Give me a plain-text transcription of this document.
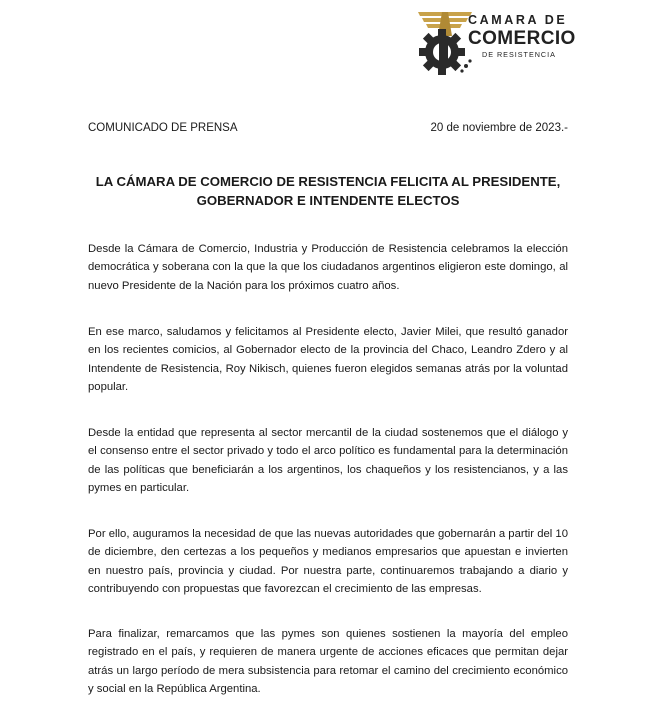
CAMARA DE
COMERCIO
DE RESISTENCIA
COMUNICADO DE PRENSA	20 de noviembre de 2023.-
LA CÁMARA DE COMERCIO DE RESISTENCIA FELICITA AL PRESIDENTE,
GOBERNADOR E INTENDENTE ELECTOS

Desde la Cámara de Comercio, Industria y Producción de Resistencia celebramos la elección democrática y soberana con la que la que los ciudadanos argentinos eligieron este domingo, al nuevo Presidente de la Nación para los próximos cuatro años.

En ese marco, saludamos y felicitamos al Presidente electo, Javier Milei, que resultó ganador en los recientes comicios, al Gobernador electo de la provincia del Chaco, Leandro Zdero y al Intendente de Resistencia, Roy Nikisch, quienes fueron elegidos semanas atrás por la voluntad popular.

Desde la entidad que representa al sector mercantil de la ciudad sostenemos que el diálogo y el consenso entre el sector privado y todo el arco político es fundamental para la determinación de las políticas que beneficiarán a los argentinos, los chaqueños y los resistencianos, y a las pymes en particular.

Por ello, auguramos la necesidad de que las nuevas autoridades que gobernarán a partir del 10 de diciembre, den certezas a los pequeños y medianos empresarios que apuestan e invierten en nuestro país, provincia y ciudad. Por nuestra parte, continuaremos trabajando a diario y contribuyendo con propuestas que favorezcan el crecimiento de las empresas.

Para finalizar, remarcamos que las pymes son quienes sostienen la mayoría del empleo registrado en el país, y requieren de manera urgente de acciones eficaces que permitan dejar atrás un largo período de mera subsistencia para retomar el camino del crecimiento económico y social en la República Argentina.
